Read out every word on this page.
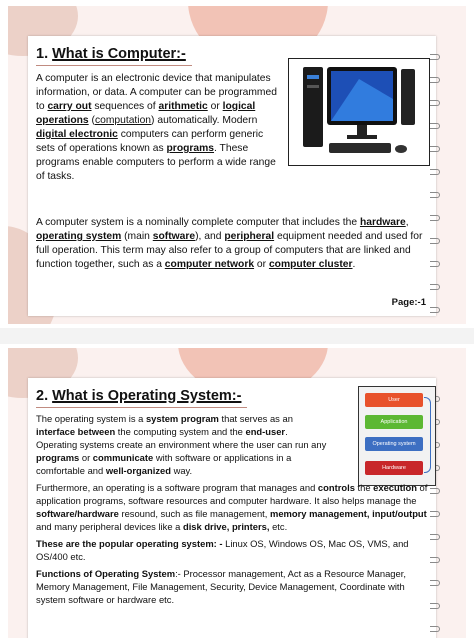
1. What is Computer:-
A computer is an electronic device that manipulates information, or data. A computer can be programmed to carry out sequences of arithmetic or logical operations (computation) automatically. Modern digital electronic computers can perform generic sets of operations known as programs. These programs enable computers to perform a wide range of tasks.
A computer system is a nominally complete computer that includes the hardware, operating system (main software), and peripheral equipment needed and used for full operation. This term may also refer to a group of computers that are linked and function together, such as a computer network or computer cluster.
Page:-1
2. What is Operating System:-	User
Application
Operating system
Hardware

The operating system is a system program that serves as an interface between the computing system and the end-user. Operating systems create an environment where the user can run any programs or communicate with software or applications in a comfortable and well-organized way.

Furthermore, an operating is a software program that manages and controls the execution of application programs, software resources and computer hardware. It also helps manage the software/hardware resound, such as file management, memory management, input/output and many peripheral devices like a disk drive, printers, etc.

These are the popular operating system: - Linux OS, Windows OS, Mac OS, VMS, and OS/400 etc.

Functions of Operating System:- Processor management, Act as a Resource Manager, Memory Management, File Management, Security, Device Management, Coordinate with system software or hardware etc.
